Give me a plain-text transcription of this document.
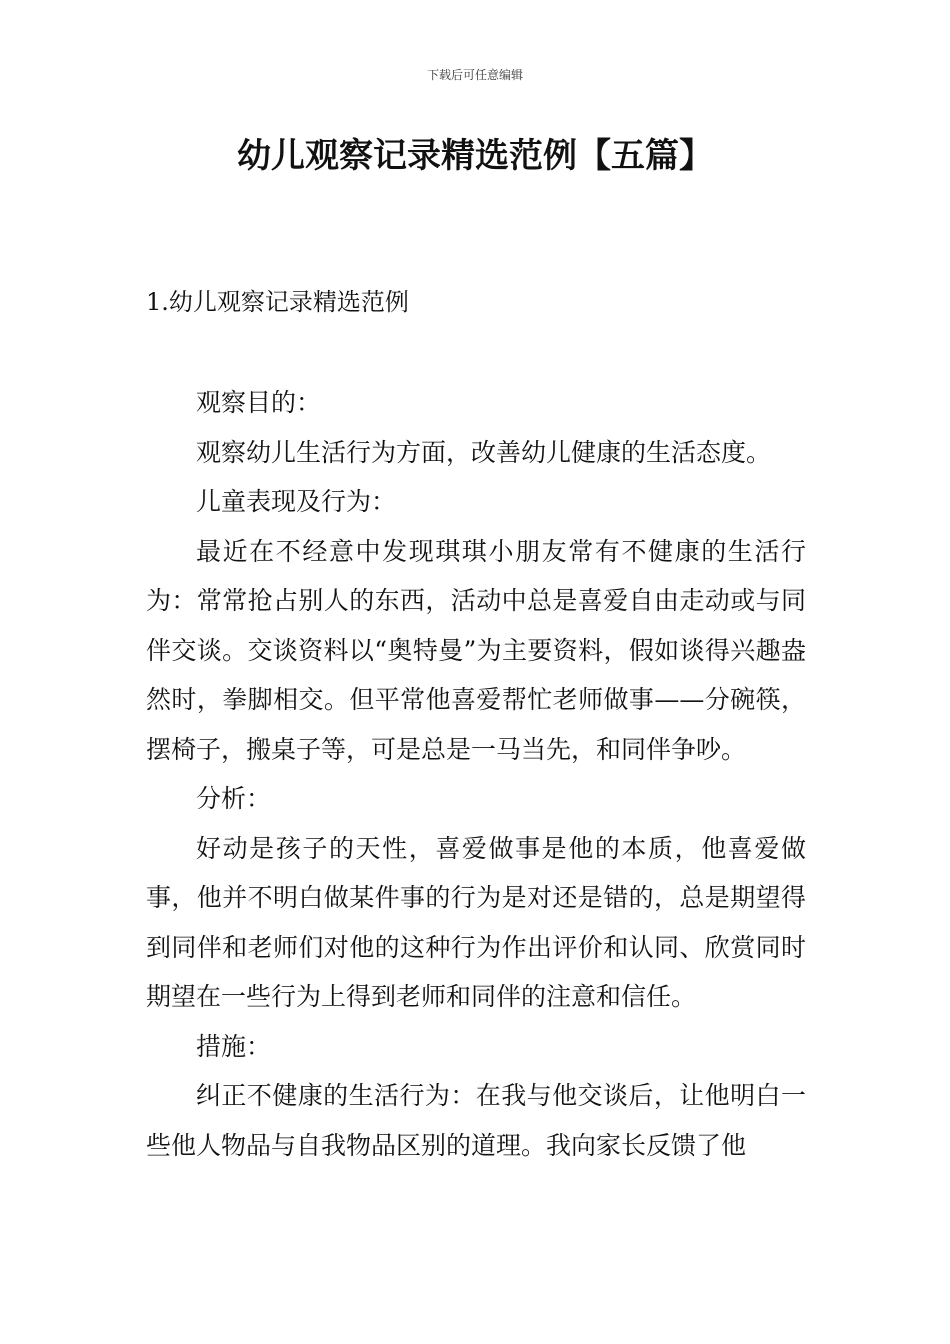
下载后可任意编辑
幼儿观察记录精选范例【五篇】
1.幼儿观察记录精选范例

观察目的：

观察幼儿生活行为方面，改善幼儿健康的生活态度。

儿童表现及行为：

最近在不经意中发现琪琪小朋友常有不健康的生活行为：常常抢占别人的东西，活动中总是喜爱自由走动或与同伴交谈。交谈资料以“奥特曼”为主要资料，假如谈得兴趣盎然时，拳脚相交。但平常他喜爱帮忙老师做事——分碗筷，摆椅子，搬桌子等，可是总是一马当先，和同伴争吵。

分析：

好动是孩子的天性，喜爱做事是他的本质，他喜爱做事，他并不明白做某件事的行为是对还是错的，总是期望得到同伴和老师们对他的这种行为作出评价和认同、欣赏同时期望在一些行为上得到老师和同伴的注意和信任。

措施：

纠正不健康的生活行为：在我与他交谈后，让他明白一些他人物品与自我物品区别的道理。我向家长反馈了他
